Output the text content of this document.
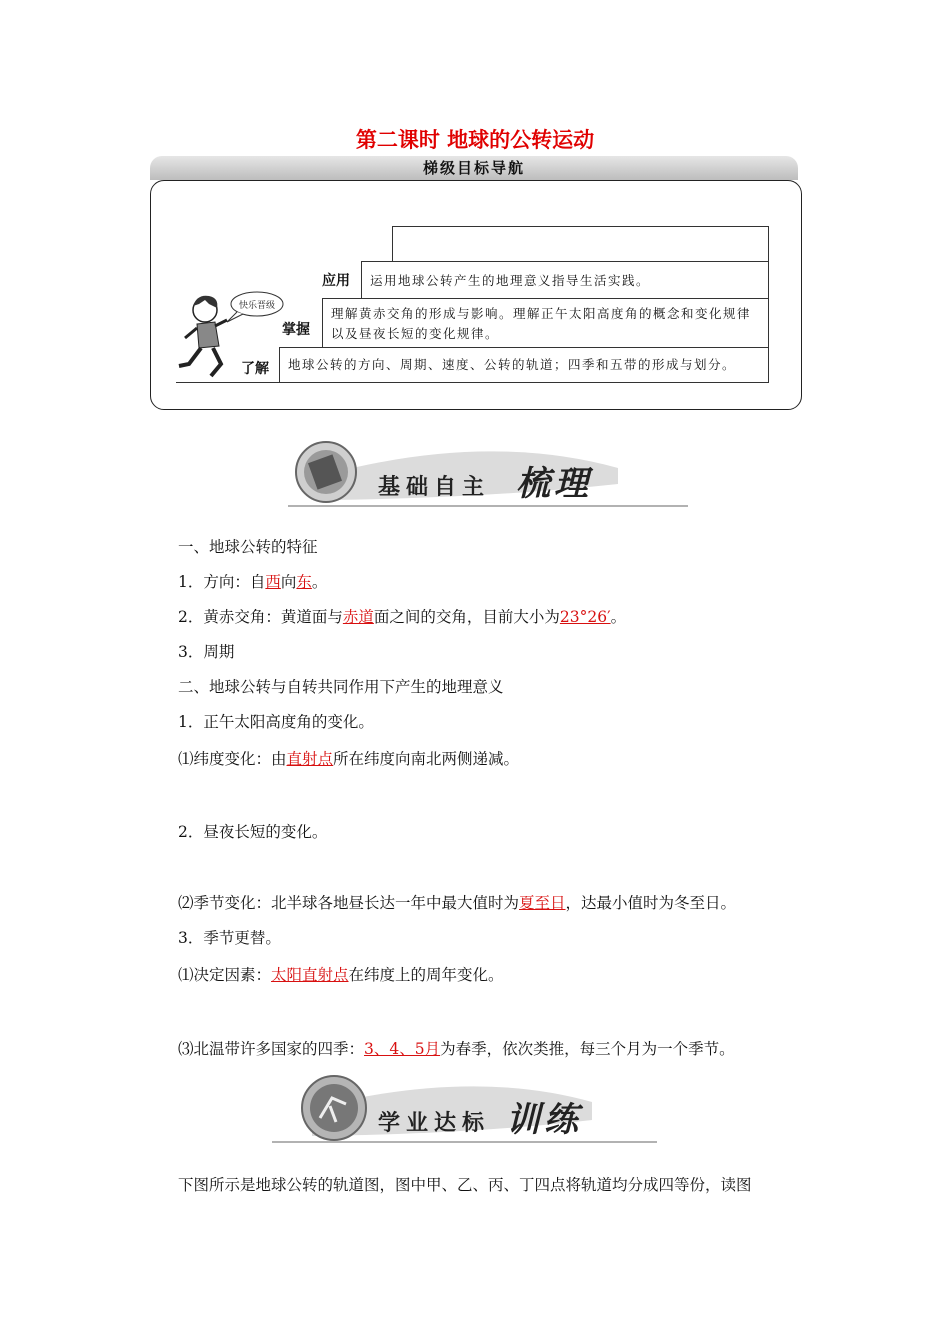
第二课时 地球的公转运动
梯级目标导航
应用	运用地球公转产生的地理意义指导生活实践。
掌握
理解黄赤交角的形成与影响。理解正午太阳高度角的概念和变化规律
以及昼夜长短的变化规律。
了解	地球公转的方向、周期、速度、公转的轨道；四季和五带的形成与划分。
快乐晋级
基础自主 梳理
一、地球公转的特征
1．方向：自西向东。
2．黄赤交角：黄道面与赤道面之间的交角，目前大小为23°26′。
3．周期
二、地球公转与自转共同作用下产生的地理意义
1．正午太阳高度角的变化。
⑴纬度变化：由直射点所在纬度向南北两侧递减。
2．昼夜长短的变化。
⑵季节变化：北半球各地昼长达一年中最大值时为夏至日，达最小值时为冬至日。
3．季节更替。
⑴决定因素：太阳直射点在纬度上的周年变化。
⑶北温带许多国家的四季：3、4、5月为春季，依次类推，每三个月为一个季节。
下图所示是地球公转的轨道图，图中甲、乙、丙、丁四点将轨道均分成四等份，读图
学业达标 训练
